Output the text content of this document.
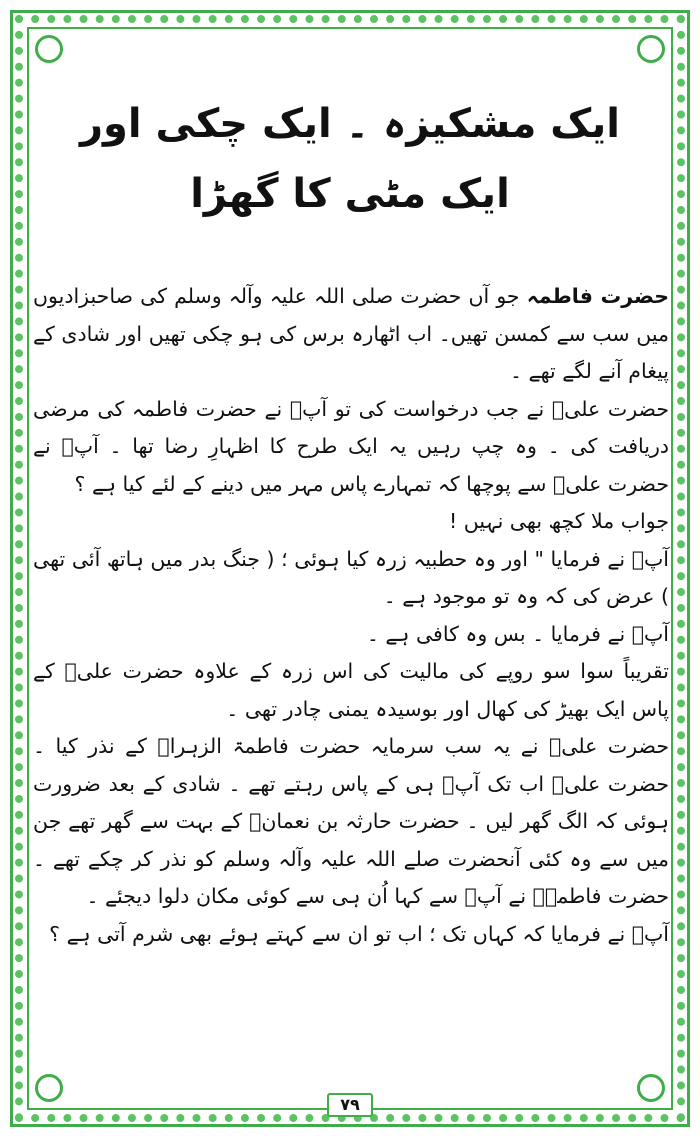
ایک مشکیزہ ۔ ایک چکی اور ایک مٹی کا گھڑا

حضرت فاطمہ جو آں حضرت صلی اللہ علیہ وآلہ وسلم کی صاحبزادیوں میں سب سے کمسن تھیں۔ اب اٹھارہ برس کی ہو چکی تھیں اور شادی کے پیغام آنے لگے تھے ۔

حضرت علیؓ نے جب درخواست کی تو آپؐ نے حضرت فاطمہ کی مرضی دریافت کی ۔ وہ چپ رہیں یہ ایک طرح کا اظہارِ رضا تھا ۔ آپؐ نے حضرت علیؓ سے پوچھا کہ تمہارے پاس مہر میں دینے کے لئے کیا ہے ؟

جواب ملا کچھ بھی نہیں !

آپؐ نے فرمایا " اور وہ حطبیہ زرہ کیا ہوئی ؛ ( جنگ بدر میں ہاتھ آئی تھی ) عرض کی کہ وہ تو موجود ہے ۔

آپؐ نے فرمایا ۔ بس وہ کافی ہے ۔

تقریباً سوا سو روپے کی مالیت کی اس زرہ کے علاوہ حضرت علیؓ کے پاس ایک بھیڑ کی کھال اور بوسیدہ یمنی چادر تھی ۔

حضرت علیؓ نے یہ سب سرمایہ حضرت فاطمۃ الزہراؓ کے نذر کیا ۔ حضرت علیؓ اب تک آپؐ ہی کے پاس رہتے تھے ۔ شادی کے بعد ضرورت ہوئی کہ الگ گھر لیں ۔ حضرت حارثہ بن نعمانؓ کے بہت سے گھر تھے جن میں سے وہ کئی آنحضرت صلے اللہ علیہ وآلہ وسلم کو نذر کر چکے تھے ۔ حضرت فاطمہؓ نے آپؐ سے کہا اُن ہی سے کوئی مکان دلوا دیجئے ۔

آپؐ نے فرمایا کہ کہاں تک ؛ اب تو ان سے کہتے ہوئے بھی شرم آتی ہے ؟

۷۹
